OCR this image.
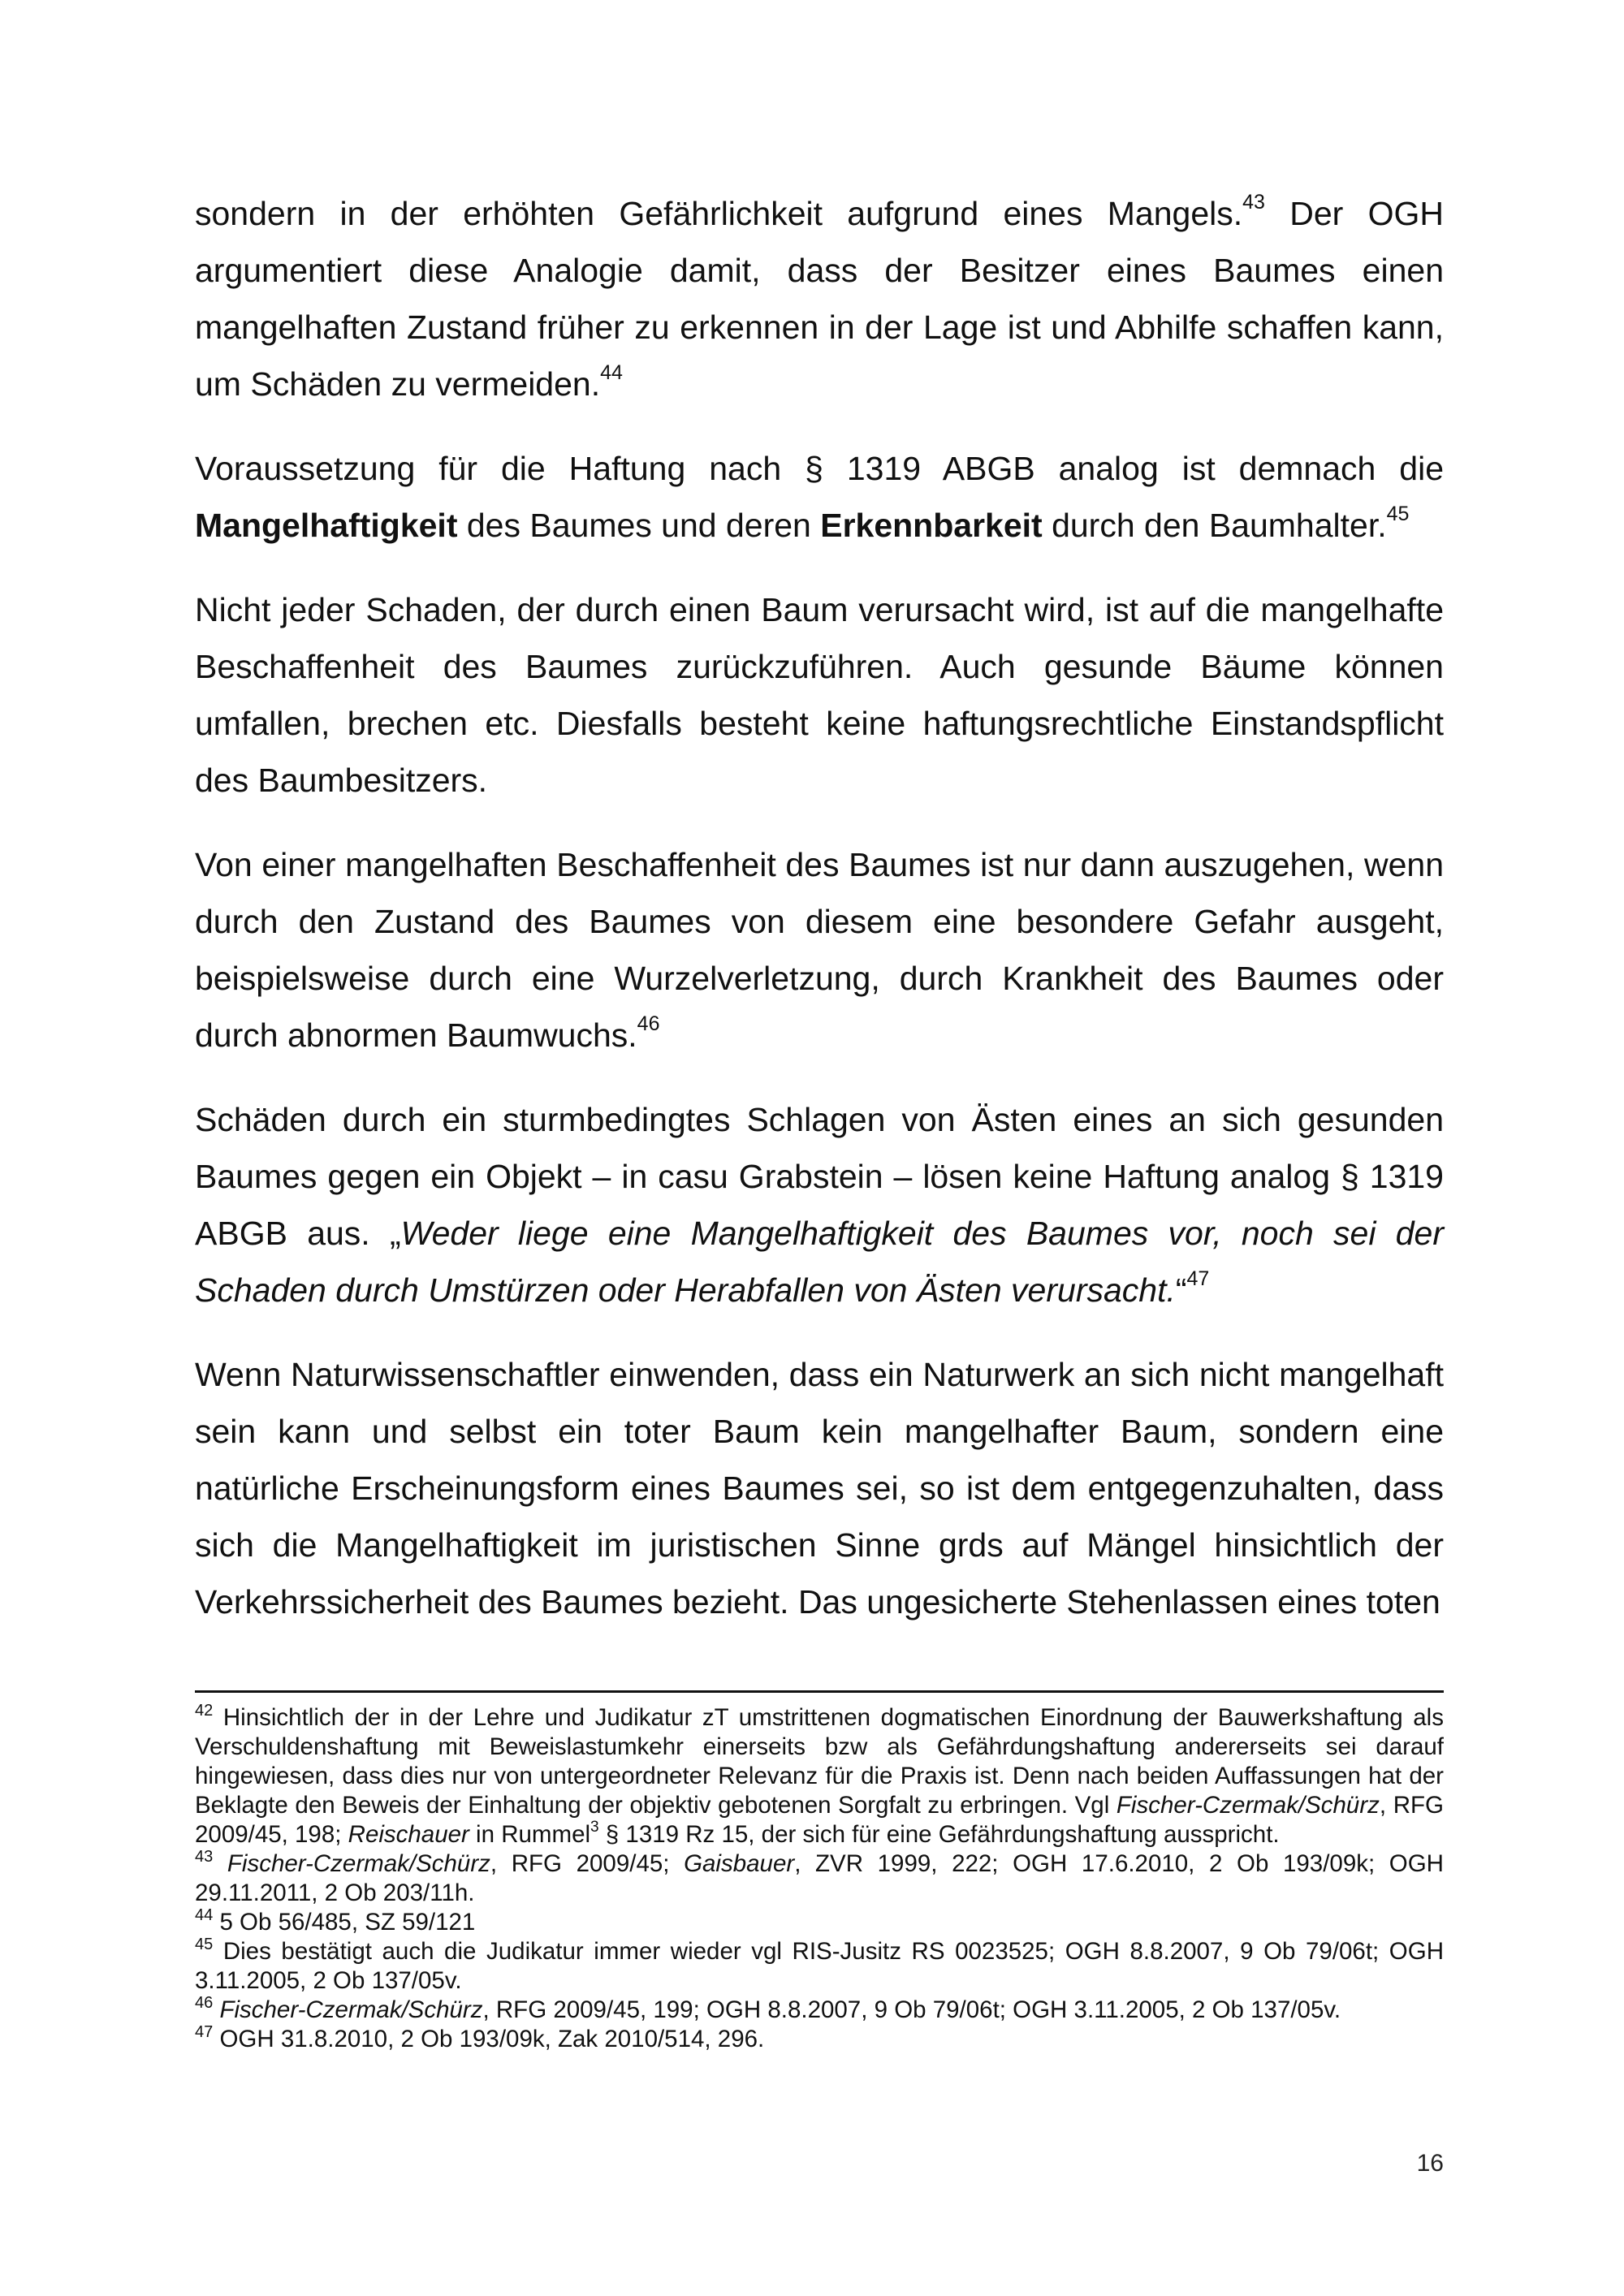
sondern in der erhöhten Gefährlichkeit aufgrund eines Mangels.$^{43}$ Der OGH argumentiert diese Analogie damit, dass der Besitzer eines Baumes einen mangelhaften Zustand früher zu erkennen in der Lage ist und Abhilfe schaffen kann, um Schäden zu vermeiden.$^{44}$

Voraussetzung für die Haftung nach § 1319 ABGB analog ist demnach die Mangelhaftigkeit des Baumes und deren Erkennbarkeit durch den Baumhalter.$^{45}$

Nicht jeder Schaden, der durch einen Baum verursacht wird, ist auf die mangelhafte Beschaffenheit des Baumes zurückzuführen. Auch gesunde Bäume können umfallen, brechen etc. Diesfalls besteht keine haftungsrechtliche Einstandspflicht des Baumbesitzers.

Von einer mangelhaften Beschaffenheit des Baumes ist nur dann auszugehen, wenn durch den Zustand des Baumes von diesem eine besondere Gefahr ausgeht, beispielsweise durch eine Wurzelverletzung, durch Krankheit des Baumes oder durch abnormen Baumwuchs.$^{46}$

Schäden durch ein sturmbedingtes Schlagen von Ästen eines an sich gesunden Baumes gegen ein Objekt – in casu Grabstein – lösen keine Haftung analog § 1319 ABGB aus. „Weder liege eine Mangelhaftigkeit des Baumes vor, noch sei der Schaden durch Umstürzen oder Herabfallen von Ästen verursacht.“$^{47}$

Wenn Naturwissenschaftler einwenden, dass ein Naturwerk an sich nicht mangelhaft sein kann und selbst ein toter Baum kein mangelhafter Baum, sondern eine natürliche Erscheinungsform eines Baumes sei, so ist dem entgegenzuhalten, dass sich die Mangelhaftigkeit im juristischen Sinne grds auf Mängel hinsichtlich der Verkehrssicherheit des Baumes bezieht. Das ungesicherte Stehenlassen eines toten

$^{42}$ Hinsichtlich der in der Lehre und Judikatur zT umstrittenen dogmatischen Einordnung der Bauwerkshaftung als Verschuldenshaftung mit Beweislastumkehr einerseits bzw als Gefährdungshaftung andererseits sei darauf hingewiesen, dass dies nur von untergeordneter Relevanz für die Praxis ist. Denn nach beiden Auffassungen hat der Beklagte den Beweis der Einhaltung der objektiv gebotenen Sorgfalt zu erbringen. Vgl Fischer-Czermak/Schürz, RFG 2009/45, 198; Reischauer in Rummel$^3$ § 1319 Rz 15, der sich für eine Gefährdungshaftung ausspricht.

$^{43}$ Fischer-Czermak/Schürz, RFG 2009/45; Gaisbauer, ZVR 1999, 222; OGH 17.6.2010, 2 Ob 193/09k; OGH 29.11.2011, 2 Ob 203/11h.

$^{44}$ 5 Ob 56/485, SZ 59/121

$^{45}$ Dies bestätigt auch die Judikatur immer wieder vgl RIS-Jusitz RS 0023525; OGH 8.8.2007, 9 Ob 79/06t; OGH 3.11.2005, 2 Ob 137/05v.

$^{46}$ Fischer-Czermak/Schürz, RFG 2009/45, 199; OGH 8.8.2007, 9 Ob 79/06t; OGH 3.11.2005, 2 Ob 137/05v.

$^{47}$ OGH 31.8.2010, 2 Ob 193/09k, Zak 2010/514, 296.

16
